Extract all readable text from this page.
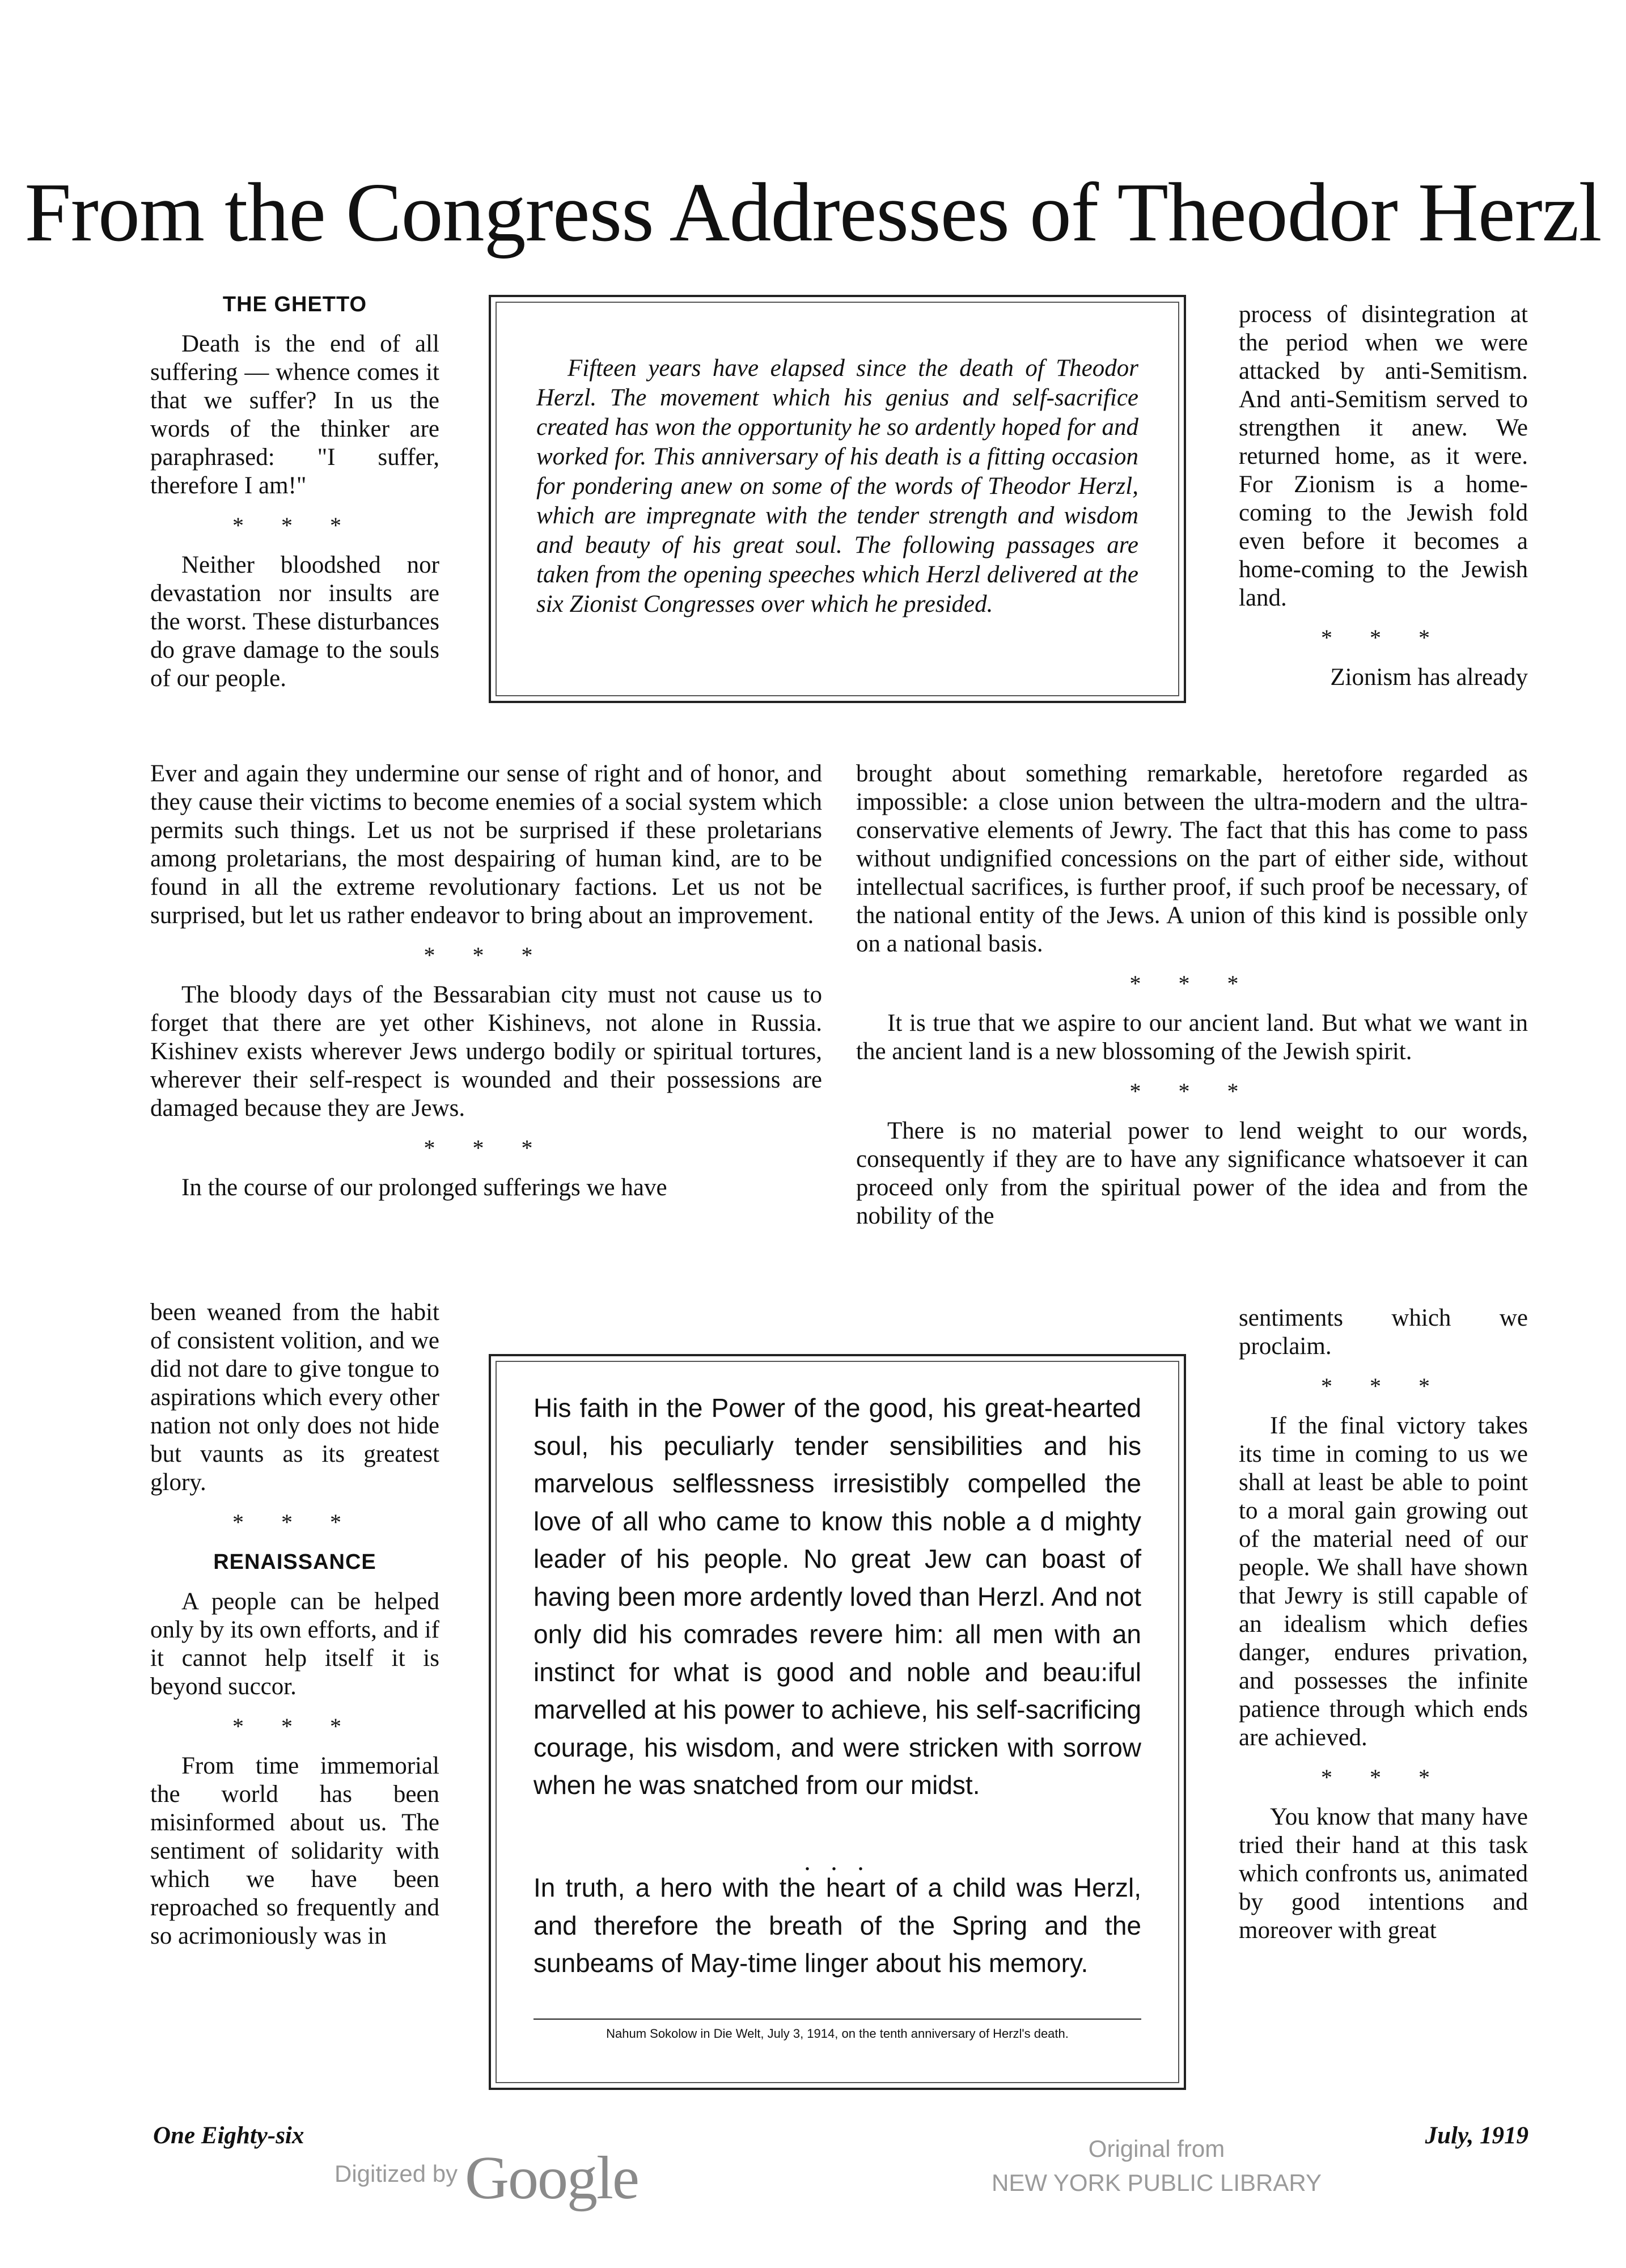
From the Congress Addresses of Theodor Herzl
Fifteen years have elapsed since the death of Theodor Herzl. The movement which his genius and self-sacrifice created has won the opportunity he so ardently hoped for and worked for. This anniversary of his death is a fitting occasion for pondering anew on some of the words of Theodor Herzl, which are impregnate with the tender strength and wisdom and beauty of his great soul. The following passages are taken from the opening speeches which Herzl delivered at the six Zionist Congresses over which he presided.
THE GHETTO

Death is the end of all suffering — whence comes it that we suffer? In us the words of the thinker are paraphrased: "I suffer, therefore I am!"

* * *

Neither bloodshed nor devastation nor insults are the worst. These disturbances do grave damage to the souls of our people.

Ever and again they undermine our sense of right and of honor, and they cause their victims to become enemies of a social system which permits such things. Let us not be surprised if these proletarians among proletarians, the most despairing of human kind, are to be found in all the extreme revolutionary factions. Let us not be surprised, but let us rather endeavor to bring about an improvement.

* * *

The bloody days of the Bessarabian city must not cause us to forget that there are yet other Kishinevs, not alone in Russia. Kishinev exists wherever Jews undergo bodily or spiritual tortures, wherever their self-respect is wounded and their possessions are damaged because they are Jews.

* * *

In the course of our prolonged sufferings we have

been weaned from the habit of consistent volition, and we did not dare to give tongue to aspirations which every other nation not only does not hide but vaunts as its greatest glory.

* * *
RENAISSANCE

A people can be helped only by its own efforts, and if it cannot help itself it is beyond succor.

* * *

From time immemorial the world has been misinformed about us. The sentiment of solidarity with which we have been reproached so frequently and so acrimoniously was in

process of disintegration at the period when we were attacked by anti-Semitism. And anti-Semitism served to strengthen it anew. We returned home, as it were. For Zionism is a home-coming to the Jewish fold even before it becomes a home-coming to the Jewish land.

* * *

Zionism has already

brought about something remarkable, heretofore regarded as impossible: a close union between the ultra-modern and the ultra-conservative elements of Jewry. The fact that this has come to pass without undignified concessions on the part of either side, without intellectual sacrifices, is further proof, if such proof be necessary, of the national entity of the Jews. A union of this kind is possible only on a national basis.

* * *

It is true that we aspire to our ancient land. But what we want in the ancient land is a new blossoming of the Jewish spirit.

* * *

There is no material power to lend weight to our words, consequently if they are to have any significance whatsoever it can proceed only from the spiritual power of the idea and from the nobility of the

sentiments which we proclaim.

* * *

If the final victory takes its time in coming to us we shall at least be able to point to a moral gain growing out of the material need of our people. We shall have shown that Jewry is still capable of an idealism which defies danger, endures privation, and possesses the infinite patience through which ends are achieved.

* * *

You know that many have tried their hand at this task which confronts us, animated by good intentions and moreover with great

His faith in the Power of the good, his great-hearted soul, his peculiarly tender sensibilities and his marvelous selflessness irresistibly compelled the love of all who came to know this noble a d mighty leader of his people. No great Jew can boast of having been more ardently loved than Herzl. And not only did his comrades revere him: all men with an instinct for what is good and noble and beau:iful marvelled at his power to achieve, his self-sacrificing courage, his wisdom, and were stricken with sorrow when he was snatched from our midst.
. . .
In truth, a hero with the heart of a child was Herzl, and therefore the breath of the Spring and the sunbeams of May-time linger about his memory.
Nahum Sokolow in Die Welt, July 3, 1914, on the tenth anniversary of Herzl's death.
One Eighty-six	July, 1919
Digitized by Google	Original from
NEW YORK PUBLIC LIBRARY
